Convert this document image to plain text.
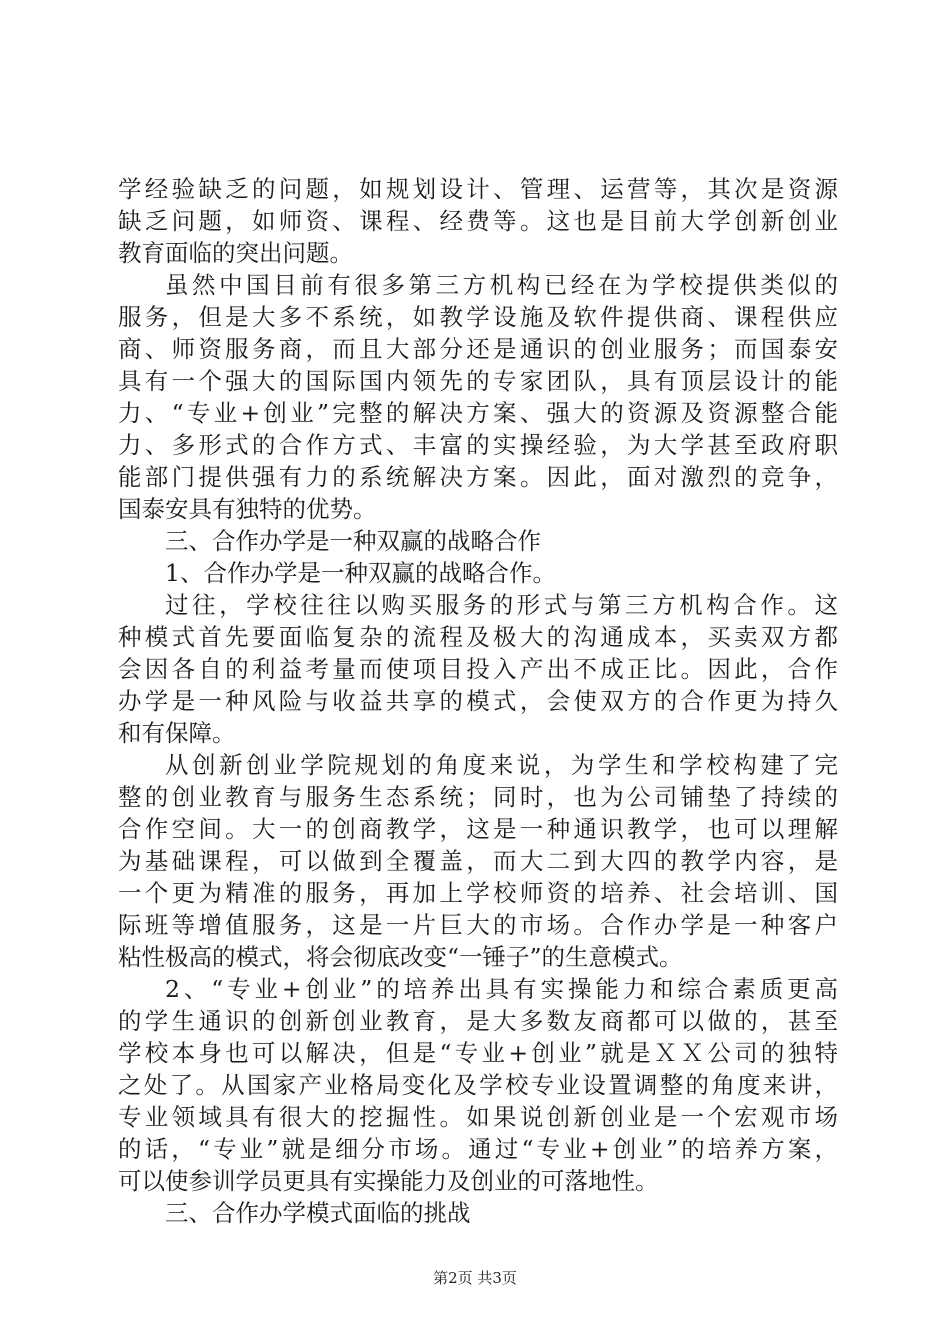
学经验缺乏的问题，如规划设计、管理、运营等，其次是资源
缺乏问题，如师资、课程、经费等。这也是目前大学创新创业
教育面临的突出问题。
虽然中国目前有很多第三方机构已经在为学校提供类似的
服务，但是大多不系统，如教学设施及软件提供商、课程供应
商、师资服务商，而且大部分还是通识的创业服务；而国泰安
具有一个强大的国际国内领先的专家团队，具有顶层设计的能
力、“专业+创业”完整的解决方案、强大的资源及资源整合能
力、多形式的合作方式、丰富的实操经验，为大学甚至政府职
能部门提供强有力的系统解决方案。因此，面对激烈的竞争，
国泰安具有独特的优势。
三、合作办学是一种双赢的战略合作
1、合作办学是一种双赢的战略合作。
过往，学校往往以购买服务的形式与第三方机构合作。这
种模式首先要面临复杂的流程及极大的沟通成本，买卖双方都
会因各自的利益考量而使项目投入产出不成正比。因此，合作
办学是一种风险与收益共享的模式，会使双方的合作更为持久
和有保障。
从创新创业学院规划的角度来说，为学生和学校构建了完
整的创业教育与服务生态系统；同时，也为公司铺垫了持续的
合作空间。大一的创商教学，这是一种通识教学，也可以理解
为基础课程，可以做到全覆盖，而大二到大四的教学内容，是
一个更为精准的服务，再加上学校师资的培养、社会培训、国
际班等增值服务，这是一片巨大的市场。合作办学是一种客户
粘性极高的模式，将会彻底改变“一锤子”的生意模式。
2、“专业+创业”的培养出具有实操能力和综合素质更高
的学生通识的创新创业教育，是大多数友商都可以做的，甚至
学校本身也可以解决，但是“专业+创业”就是ＸＸ公司的独特
之处了。从国家产业格局变化及学校专业设置调整的角度来讲，
专业领域具有很大的挖掘性。如果说创新创业是一个宏观市场
的话，“专业”就是细分市场。通过“专业+创业”的培养方案，
可以使参训学员更具有实操能力及创业的可落地性。
三、合作办学模式面临的挑战
第2页 共3页
